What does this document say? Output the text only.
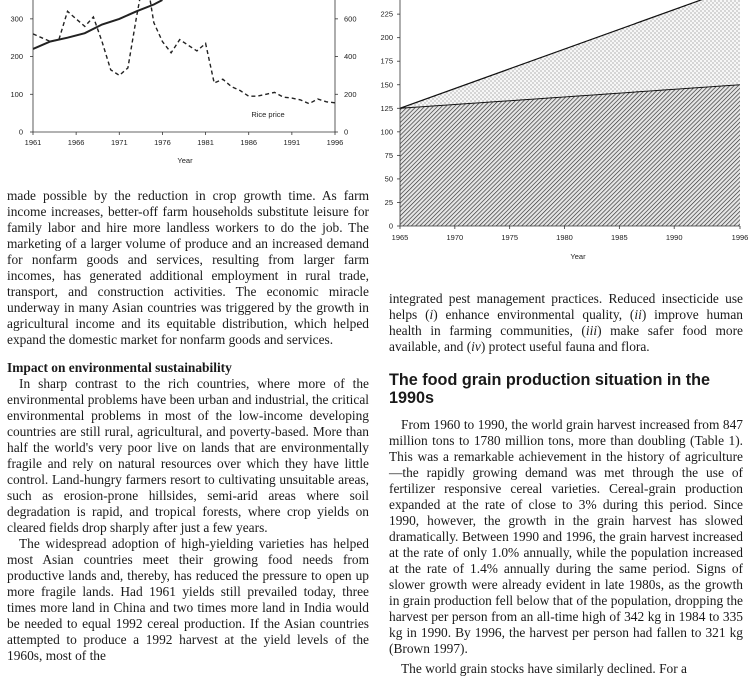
0
100
200
300
0
200
400
600
1961	1966	1971	1976	1981	1986	1991	1996
Rice price
Year
0
25
50
75
100
125
150
175
200
225
1965	1970	1975	1980	1985	1990	1996
Year

made possible by the reduction in crop growth time. As farm income increases, better-off farm households substitute leisure for family labor and hire more landless workers to do the job. The marketing of a larger volume of produce and an increased demand for nonfarm goods and services, resulting from larger farm incomes, has generated additional employment in rural trade, transport, and construction activities. The economic miracle underway in many Asian countries was triggered by the growth in agricultural income and its equitable distribution, which helped expand the domestic market for nonfarm goods and services.

Impact on environmental sustainability

In sharp contrast to the rich countries, where more of the environmental problems have been urban and industrial, the critical environmental problems in most of the low-income developing countries are still rural, agricultural, and poverty-based. More than half the world's very poor live on lands that are environmentally fragile and rely on natural resources over which they have little control. Land-hungry farmers resort to cultivating unsuitable areas, such as erosion-prone hillsides, semi-arid areas where soil degradation is rapid, and tropical forests, where crop yields on cleared fields drop sharply after just a few years.

The widespread adoption of high-yielding varieties has helped most Asian countries meet their growing food needs from productive lands and, thereby, has reduced the pressure to open up more fragile lands. Had 1961 yields still prevailed today, three times more land in China and two times more land in India would be needed to equal 1992 cereal production. If the Asian countries attempted to produce a 1992 harvest at the yield levels of the 1960s, most of the

integrated pest management practices. Reduced insecticide use helps (i) enhance environmental quality, (ii) improve human health in farming communities, (iii) make safer food more available, and (iv) protect useful fauna and flora.

The food grain production situation in the 1990s

From 1960 to 1990, the world grain harvest increased from 847 million tons to 1780 million tons, more than doubling (Table 1). This was a remarkable achievement in the history of agriculture—the rapidly growing demand was met through the use of fertilizer responsive cereal varieties. Cereal-grain production expanded at the rate of close to 3% during this period. Since 1990, however, the growth in the grain harvest has slowed dramatically. Between 1990 and 1996, the grain harvest increased at the rate of only 1.0% annually, while the population increased at the rate of 1.4% annually during the same period. Signs of slower growth were already evident in late 1980s, as the growth in grain production fell below that of the population, dropping the harvest per person from an all-time high of 342 kg in 1984 to 335 kg in 1990. By 1996, the harvest per person had fallen to 321 kg (Brown 1997).

The world grain stocks have similarly declined. For a
